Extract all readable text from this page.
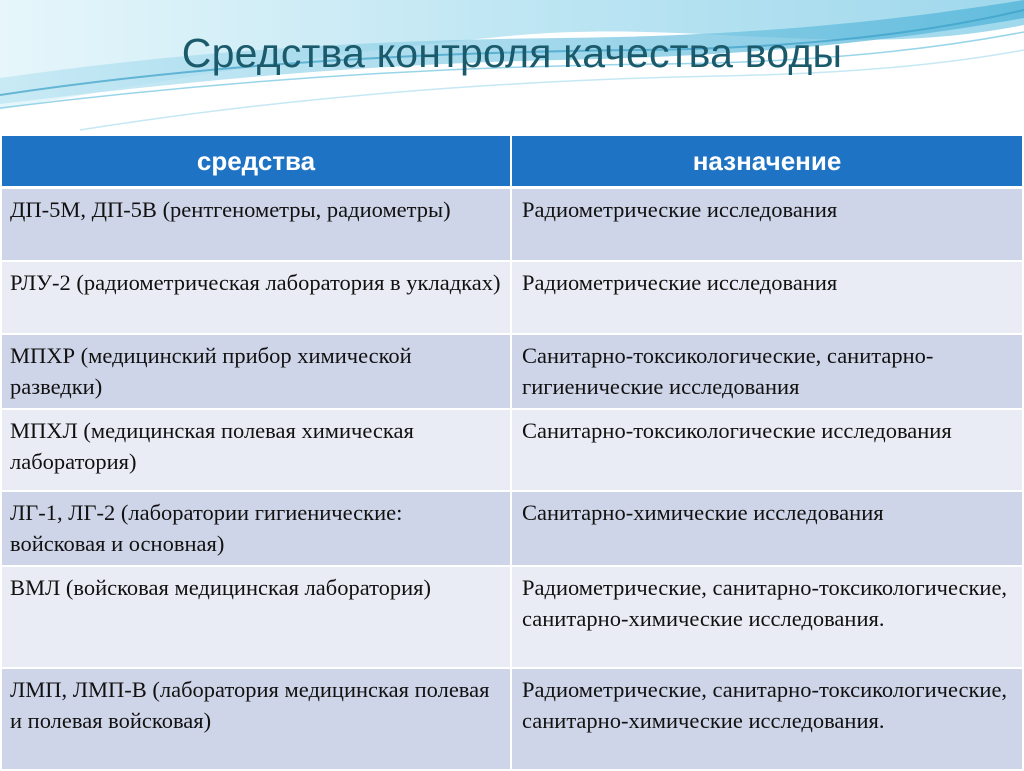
Средства контроля качества воды
средства	назначение
ДП-5М, ДП-5В (рентгенометры, радиометры)	Радиометрические исследования
РЛУ-2 (радиометрическая лаборатория в укладках)	Радиометрические исследования
МПХР (медицинский прибор химической разведки)	Санитарно-токсикологические, санитарно-гигиенические исследования
МПХЛ (медицинская полевая химическая лаборатория)	Санитарно-токсикологические исследования
ЛГ-1, ЛГ-2 (лаборатории гигиенические: войсковая и основная)	Санитарно-химические исследования
ВМЛ (войсковая медицинская лаборатория)	Радиометрические, санитарно-токсикологические, санитарно-химические исследования.
ЛМП, ЛМП-В (лаборатория медицинская полевая и полевая войсковая)	Радиометрические, санитарно-токсикологические, санитарно-химические исследования.
